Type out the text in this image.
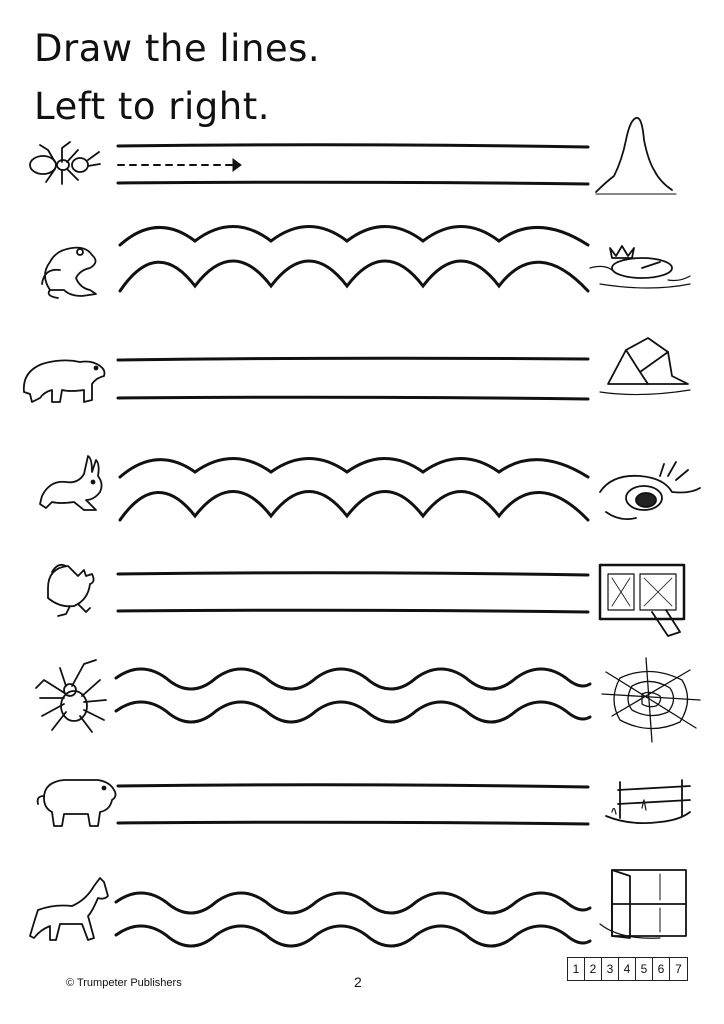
Draw the lines.
Left to right.
© Trumpeter Publishers	2
1 2 3 4 5 6 7
